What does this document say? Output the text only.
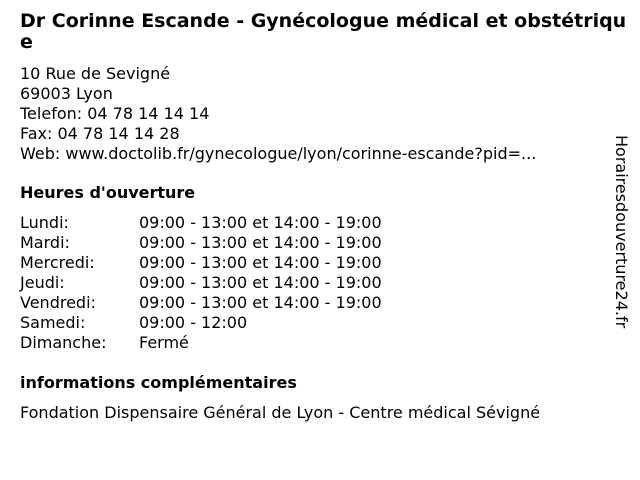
Dr Corinne Escande - Gynécologue médical et obstétrique
10 Rue de Sevigné
69003 Lyon
Telefon: 04 78 14 14 14
Fax: 04 78 14 14 28
Web: www.doctolib.fr/gynecologue/lyon/corinne-escande?pid=...
Heures d'ouverture
Lundi:	09:00 - 13:00 et 14:00 - 19:00
Mardi:	09:00 - 13:00 et 14:00 - 19:00
Mercredi:	09:00 - 13:00 et 14:00 - 19:00
Jeudi:	09:00 - 13:00 et 14:00 - 19:00
Vendredi:	09:00 - 13:00 et 14:00 - 19:00
Samedi:	09:00 - 12:00
Dimanche:	Fermé
informations complémentaires
Fondation Dispensaire Général de Lyon - Centre médical Sévigné
Horairesdouverture24.fr
